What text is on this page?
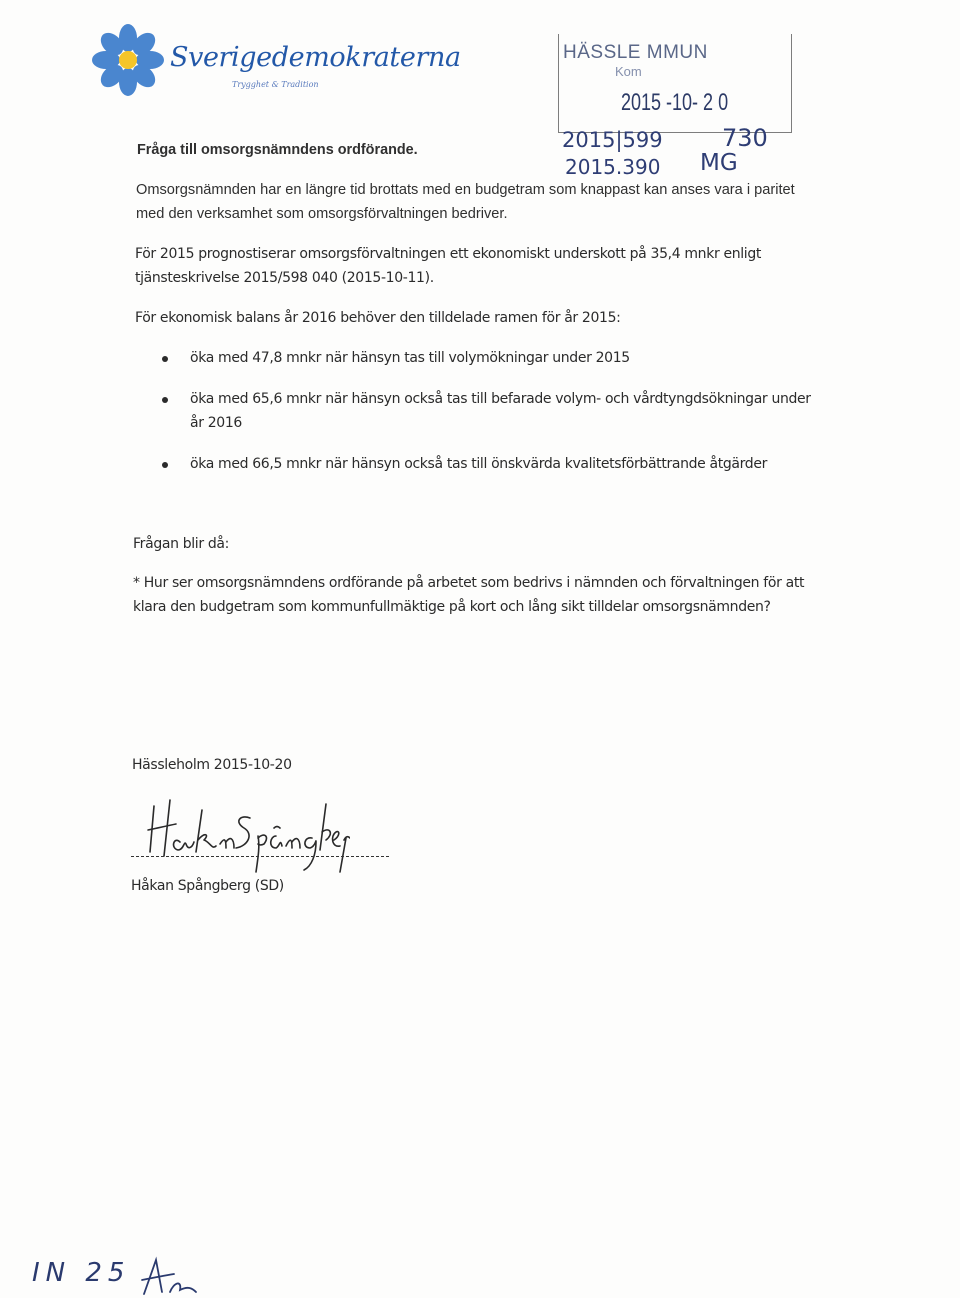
Sverigedemokraterna
Trygghet & Tradition
HÄSSLE MMUN
Kom
2015 -10- 2 0
2015|599 730
2015.390 MG
Fråga till omsorgsnämndens ordförande.
Omsorgsnämnden har en längre tid brottats med en budgetram som knappast kan anses vara i paritet
med den verksamhet som omsorgsförvaltningen bedriver.
För 2015 prognostiserar omsorgsförvaltningen ett ekonomiskt underskott på 35,4 mnkr enligt
tjänsteskrivelse 2015/598 040 (2015-10-11).
För ekonomisk balans år 2016 behöver den tilldelade ramen för år 2015:
öka med 47,8 mnkr när hänsyn tas till volymökningar under 2015
öka med 65,6 mnkr när hänsyn också tas till befarade volym- och vårdtyngdsökningar under
år 2016
öka med 66,5 mnkr när hänsyn också tas till önskvärda kvalitetsförbättrande åtgärder
Frågan blir då:
* Hur ser omsorgsnämndens ordförande på arbetet som bedrivs i nämnden och förvaltningen för att
klara den budgetram som kommunfullmäktige på kort och lång sikt tilldelar omsorgsnämnden?
Hässleholm 2015-10-20
Håkan Spångberg (SD)
IN 25
